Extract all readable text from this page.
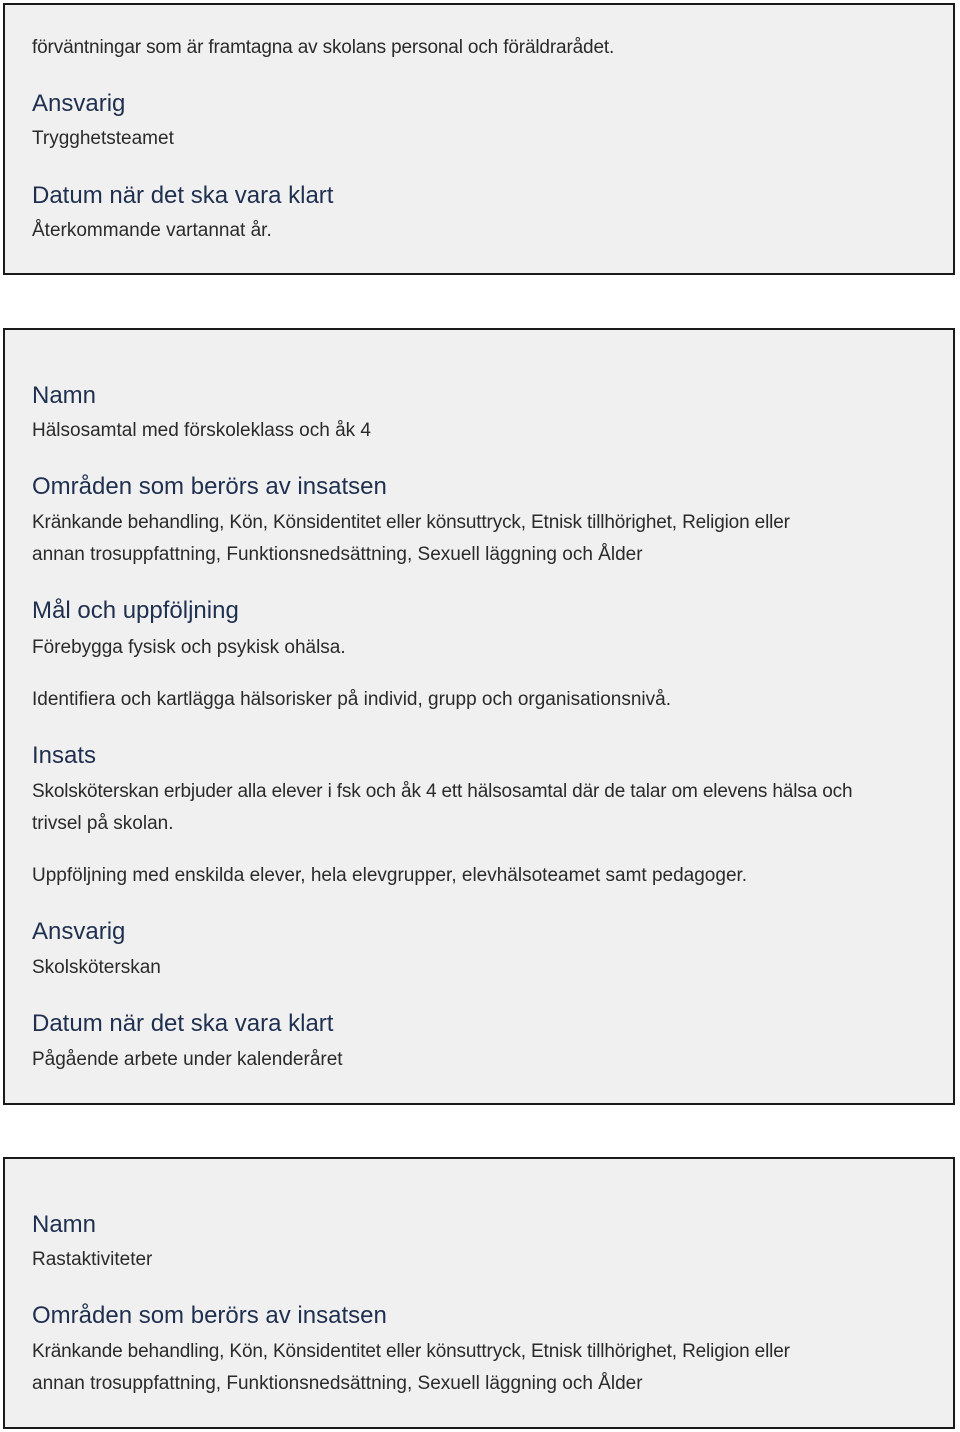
förväntningar som är framtagna av skolans personal och föräldrarådet.
Ansvarig
Trygghetsteamet
Datum när det ska vara klart
Återkommande vartannat år.
Namn
Hälsosamtal med förskoleklass och åk 4
Områden som berörs av insatsen
Kränkande behandling, Kön, Könsidentitet eller könsuttryck, Etnisk tillhörighet, Religion eller
annan trosuppfattning, Funktionsnedsättning, Sexuell läggning och Ålder
Mål och uppföljning
Förebygga fysisk och psykisk ohälsa.
Identifiera och kartlägga hälsorisker på individ, grupp och organisationsnivå.
Insats
Skolsköterskan erbjuder alla elever i fsk och åk 4 ett hälsosamtal där de talar om elevens hälsa och
trivsel på skolan.
Uppföljning med enskilda elever, hela elevgrupper, elevhälsoteamet samt pedagoger.
Ansvarig
Skolsköterskan
Datum när det ska vara klart
Pågående arbete under kalenderåret
Namn
Rastaktiviteter
Områden som berörs av insatsen
Kränkande behandling, Kön, Könsidentitet eller könsuttryck, Etnisk tillhörighet, Religion eller
annan trosuppfattning, Funktionsnedsättning, Sexuell läggning och Ålder
